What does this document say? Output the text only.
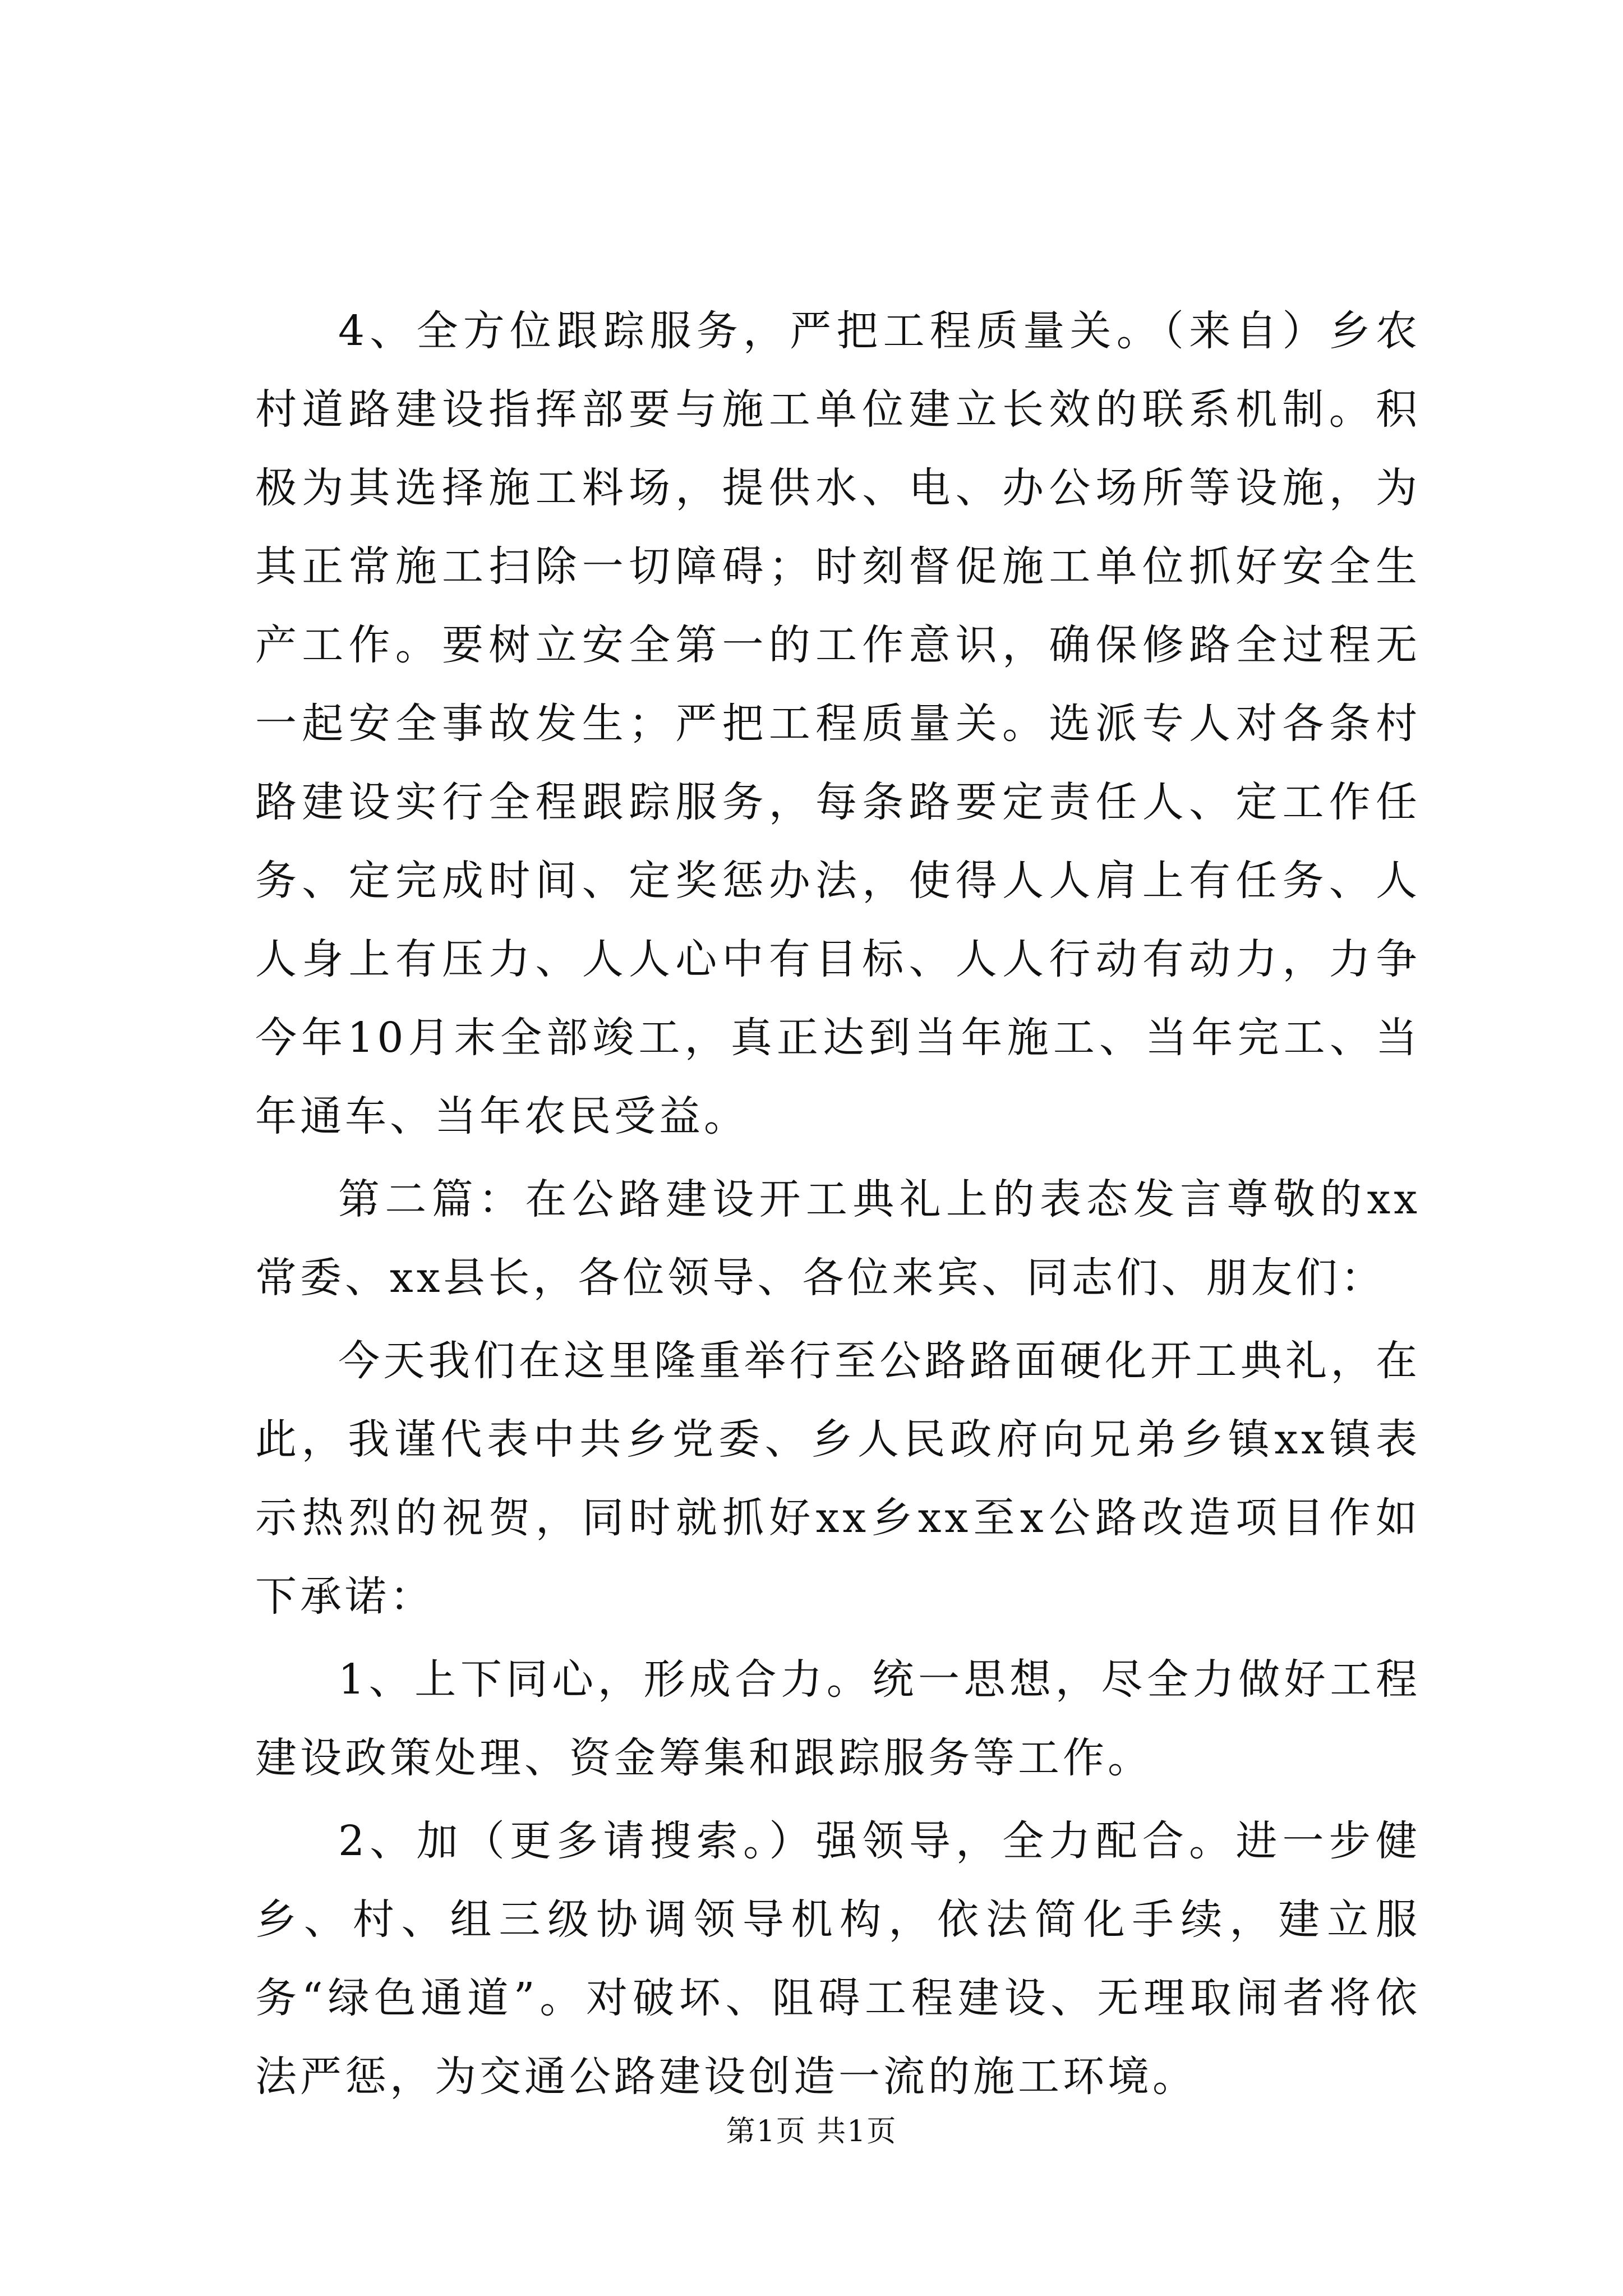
4、全方位跟踪服务，严把工程质量关。（来自）乡农村道路建设指挥部要与施工单位建立长效的联系机制。积极为其选择施工料场，提供水、电、办公场所等设施，为其正常施工扫除一切障碍；时刻督促施工单位抓好安全生产工作。要树立安全第一的工作意识，确保修路全过程无一起安全事故发生；严把工程质量关。选派专人对各条村路建设实行全程跟踪服务，每条路要定责任人、定工作任务、定完成时间、定奖惩办法，使得人人肩上有任务、人人身上有压力、人人心中有目标、人人行动有动力，力争今年10月末全部竣工，真正达到当年施工、当年完工、当年通车、当年农民受益。

第二篇：在公路建设开工典礼上的表态发言尊敬的xx常委、xx县长，各位领导、各位来宾、同志们、朋友们：

今天我们在这里隆重举行至公路路面硬化开工典礼，在此，我谨代表中共乡党委、乡人民政府向兄弟乡镇xx镇表示热烈的祝贺，同时就抓好xx乡xx至x公路改造项目作如下承诺：

1、上下同心，形成合力。统一思想，尽全力做好工程建设政策处理、资金筹集和跟踪服务等工作。

2、加（更多请搜索。）强领导，全力配合。进一步健乡、村、组三级协调领导机构，依法简化手续，建立服务“绿色通道”。对破坏、阻碍工程建设、无理取闹者将依法严惩，为交通公路建设创造一流的施工环境。

第1页 共1页
